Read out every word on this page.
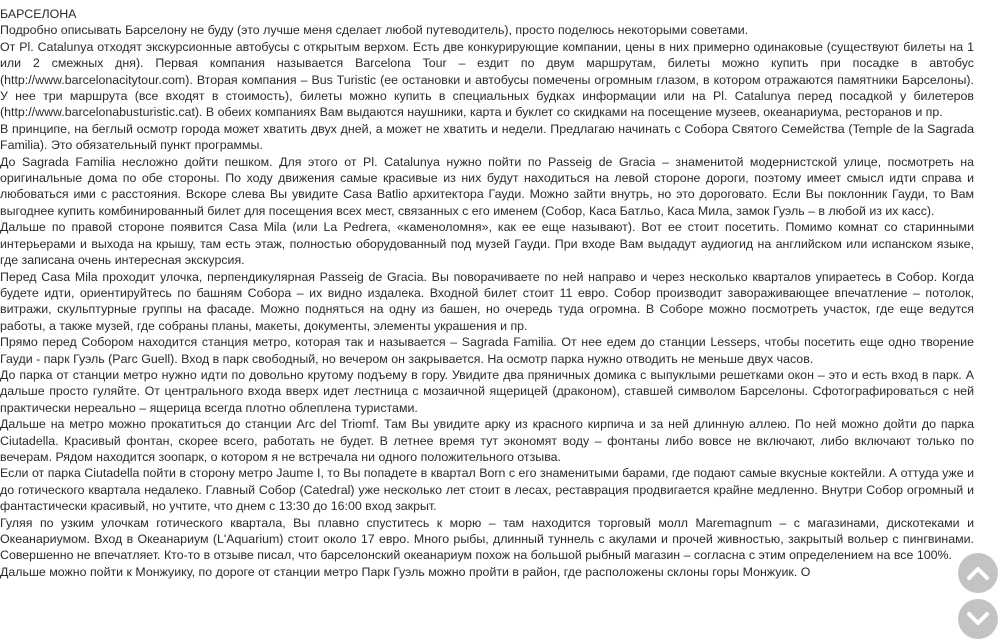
БАРСЕЛОНА

Подробно описывать Барселону не буду (это лучше меня сделает любой путеводитель), просто поделюсь некоторыми советами.

От Pl. Catalunya отходят экскурсионные автобусы с открытым верхом. Есть две конкурирующие компании, цены в них примерно одинаковые (существуют билеты на 1 или 2 смежных дня). Первая компания называется Barcelona Tour – ездит по двум маршрутам, билеты можно купить при посадке в автобус (http://www.barcelonacitytour.com). Вторая компания – Bus Turistic (ее остановки и автобусы помечены огромным глазом, в котором отражаются памятники Барселоны). У нее три маршрута (все входят в стоимость), билеты можно купить в специальных будках информации или на Pl. Catalunya перед посадкой у билетеров (http://www.barcelonabusturistic.cat). В обеих компаниях Вам выдаются наушники, карта и буклет со скидками на посещение музеев, океанариума, ресторанов и пр.

В принципе, на беглый осмотр города может хватить двух дней, а может не хватить и недели. Предлагаю начинать с Собора Святого Семейства (Temple de la Sagrada Familia). Это обязательный пункт программы.

До Sagrada Familia несложно дойти пешком. Для этого от Pl. Catalunya нужно пойти по Passeig de Gracia – знаменитой модернистской улице, посмотреть на оригинальные дома по обе стороны. По ходу движения самые красивые из них будут находиться на левой стороне дороги, поэтому имеет смысл идти справа и любоваться ими с расстояния. Вскоре слева Вы увидите Casa Batlio архитектора Гауди. Можно зайти внутрь, но это дороговато. Если Вы поклонник Гауди, то Вам выгоднее купить комбинированный билет для посещения всех мест, связанных с его именем (Собор, Каса Батльо, Каса Мила, замок Гуэль – в любой из их касс).

Дальше по правой стороне появится Casa Mila (или La Pedrera, «каменоломня», как ее еще называют). Вот ее стоит посетить. Помимо комнат со старинными интерьерами и выхода на крышу, там есть этаж, полностью оборудованный под музей Гауди. При входе Вам выдадут аудиогид на английском или испанском языке, где записана очень интересная экскурсия.

Перед Casa Mila проходит улочка, перпендикулярная Passeig de Gracia. Вы поворачиваете по ней направо и через несколько кварталов упираетесь в Собор. Когда будете идти, ориентируйтесь по башням Собора – их видно издалека. Входной билет стоит 11 евро. Собор производит завораживающее впечатление – потолок, витражи, скульптурные группы на фасаде. Можно подняться на одну из башен, но очередь туда огромна. В Соборе можно посмотреть участок, где еще ведутся работы, а также музей, где собраны планы, макеты, документы, элементы украшения и пр.

Прямо перед Собором находится станция метро, которая так и называется – Sagrada Familia. От нее едем до станции Lesseps, чтобы посетить еще одно творение Гауди - парк Гуэль (Parc Guell). Вход в парк свободный, но вечером он закрывается. На осмотр парка нужно отводить не меньше двух часов.

До парка от станции метро нужно идти по довольно крутому подъему в гору. Увидите два пряничных домика с выпуклыми решетками окон – это и есть вход в парк. А дальше просто гуляйте. От центрального входа вверх идет лестница с мозаичной ящерицей (драконом), ставшей символом Барселоны. Сфотографироваться с ней практически нереально – ящерица всегда плотно облеплена туристами.

Дальше на метро можно прокатиться до станции Arc del Triomf. Там Вы увидите арку из красного кирпича и за ней длинную аллею. По ней можно дойти до парка Ciutadella. Красивый фонтан, скорее всего, работать не будет. В летнее время тут экономят воду – фонтаны либо вовсе не включают, либо включают только по вечерам. Рядом находится зоопарк, о котором я не встречала ни одного положительного отзыва.

Если от парка Ciutadella пойти в сторону метро Jaume I, то Вы попадете в квартал Born с его знаменитыми барами, где подают самые вкусные коктейли. А оттуда уже и до готического квартала недалеко. Главный Собор (Catedral) уже несколько лет стоит в лесах, реставрация продвигается крайне медленно. Внутри Собор огромный и фантастически красивый, но учтите, что днем с 13:30 до 16:00 вход закрыт.

Гуляя по узким улочкам готического квартала, Вы плавно спуститесь к морю – там находится торговый молл Maremagnum – с магазинами, дискотеками и Океанариумом. Вход в Океанариум (L'Aquarium) стоит около 17 евро. Много рыбы, длинный туннель с акулами и прочей живностью, закрытый вольер с пингвинами. Совершенно не впечатляет. Кто-то в отзыве писал, что барселонский океанариум похож на большой рыбный магазин – согласна с этим определением на все 100%.

Дальше можно пойти к Монжуику, по дороге от станции метро Парк Гуэль можно пройти в район, где расположены склоны горы Монжуик. О
